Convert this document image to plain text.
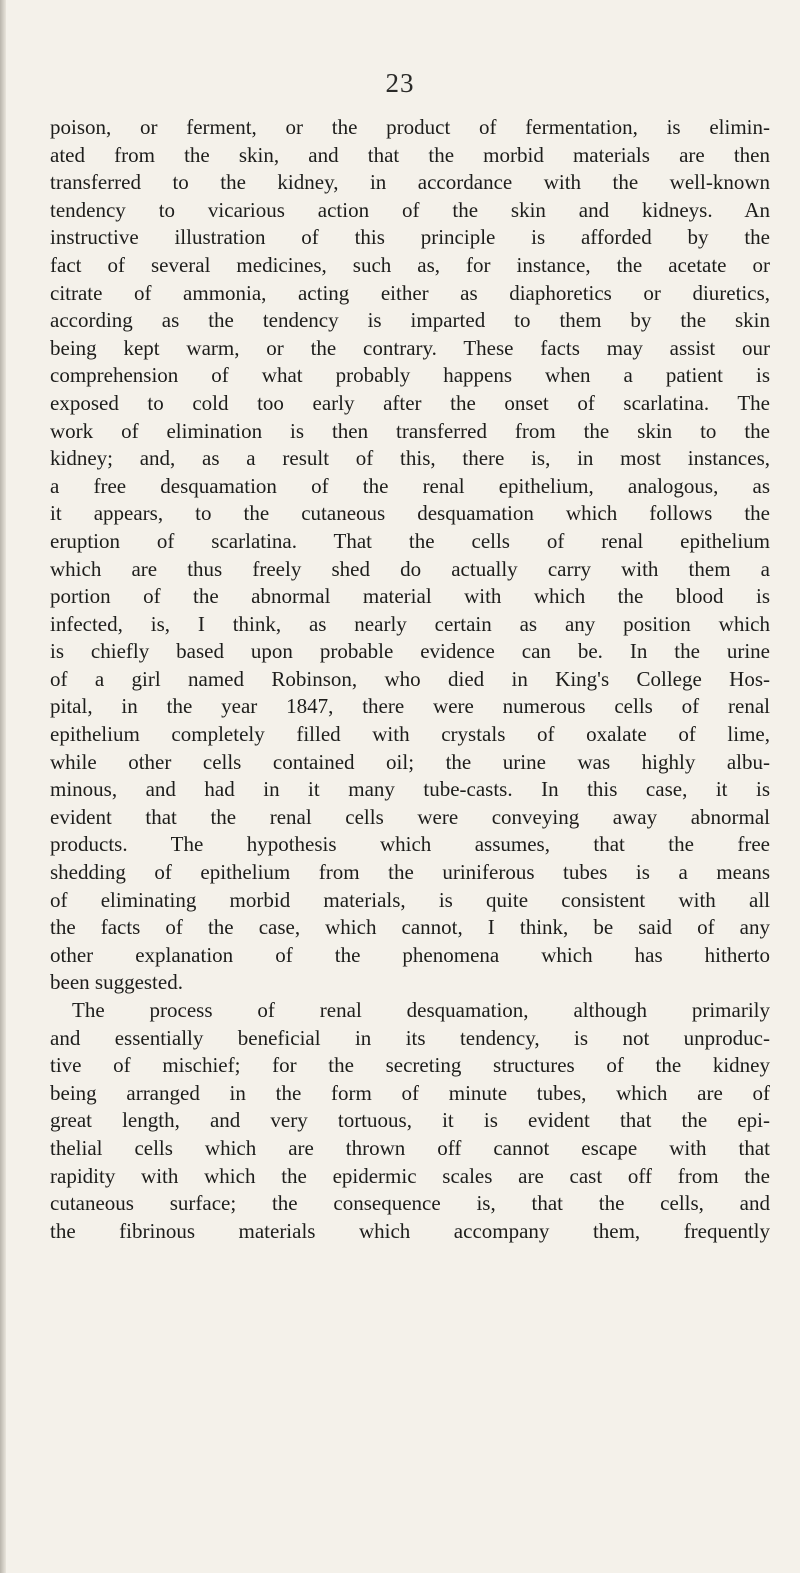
23
poison, or ferment, or the product of fermentation, is elimin-
ated from the skin, and that the morbid materials are then
transferred to the kidney, in accordance with the well-known
tendency to vicarious action of the skin and kidneys. An
instructive illustration of this principle is afforded by the
fact of several medicines, such as, for instance, the acetate or
citrate of ammonia, acting either as diaphoretics or diuretics,
according as the tendency is imparted to them by the skin
being kept warm, or the contrary. These facts may assist our
comprehension of what probably happens when a patient is
exposed to cold too early after the onset of scarlatina. The
work of elimination is then transferred from the skin to the
kidney; and, as a result of this, there is, in most instances,
a free desquamation of the renal epithelium, analogous, as
it appears, to the cutaneous desquamation which follows the
eruption of scarlatina. That the cells of renal epithelium
which are thus freely shed do actually carry with them a
portion of the abnormal material with which the blood is
infected, is, I think, as nearly certain as any position which
is chiefly based upon probable evidence can be. In the urine
of a girl named Robinson, who died in King's College Hos-
pital, in the year 1847, there were numerous cells of renal
epithelium completely filled with crystals of oxalate of lime,
while other cells contained oil; the urine was highly albu-
minous, and had in it many tube-casts. In this case, it is
evident that the renal cells were conveying away abnormal
products. The hypothesis which assumes, that the free
shedding of epithelium from the uriniferous tubes is a means
of eliminating morbid materials, is quite consistent with all
the facts of the case, which cannot, I think, be said of any
other explanation of the phenomena which has hitherto
been suggested.
The process of renal desquamation, although primarily
and essentially beneficial in its tendency, is not unproduc-
tive of mischief; for the secreting structures of the kidney
being arranged in the form of minute tubes, which are of
great length, and very tortuous, it is evident that the epi-
thelial cells which are thrown off cannot escape with that
rapidity with which the epidermic scales are cast off from the
cutaneous surface; the consequence is, that the cells, and
the fibrinous materials which accompany them, frequently
